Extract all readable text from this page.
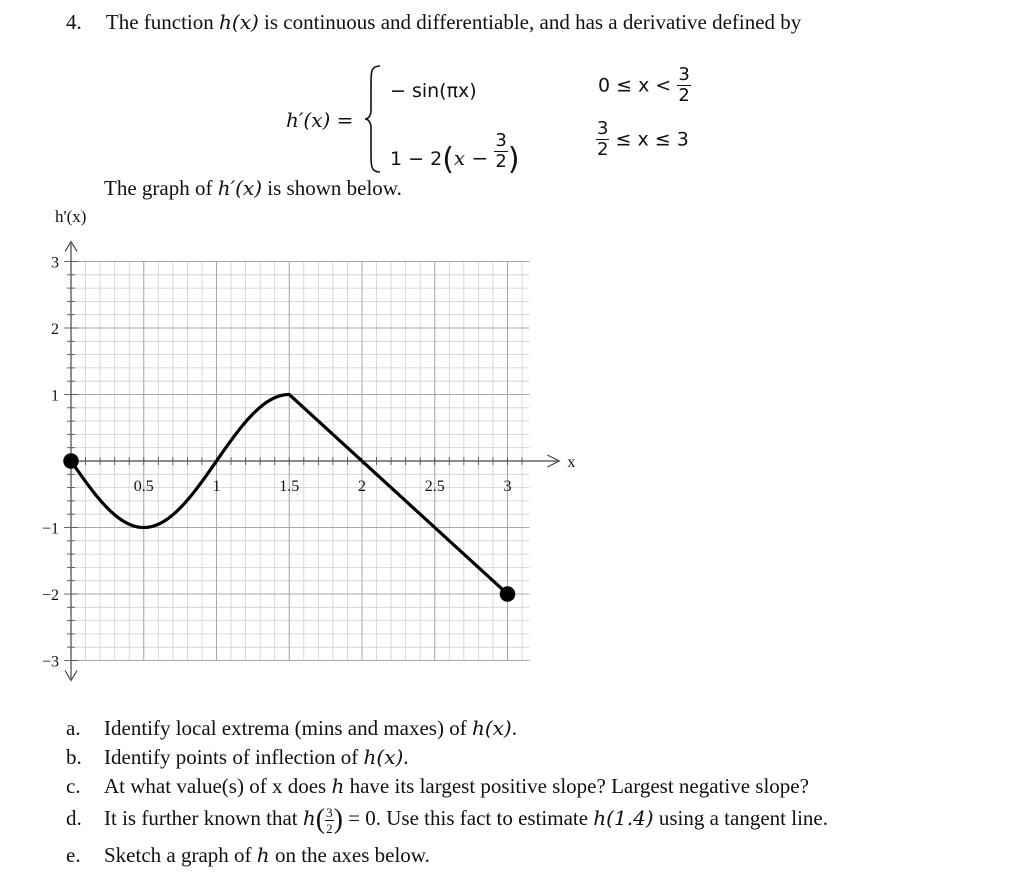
4. The function h(x) is continuous and differentiable, and has a derivative defined by
h′(x) =
− sin(πx)
$1 - 2(x - \frac{3}{2}$ )
$0 \le x < \frac{3}{2}$
$\frac{3}{2} \le x \le 3$
The graph of h′(x) is shown below.
h'(x)
x
0.5	1	1.5	2	2.5	3
3
2
1
−1
−2
−3
a. Identify local extrema (mins and maxes) of h(x).
b. Identify points of inflection of h(x).
c. At what value(s) of x does h have its largest positive slope? Largest negative slope?
d. It is further known that $h( \frac{3}{2}$ ) = 0. Use this fact to estimate h(1.4) using a tangent line.
e. Sketch a graph of h on the axes below.
